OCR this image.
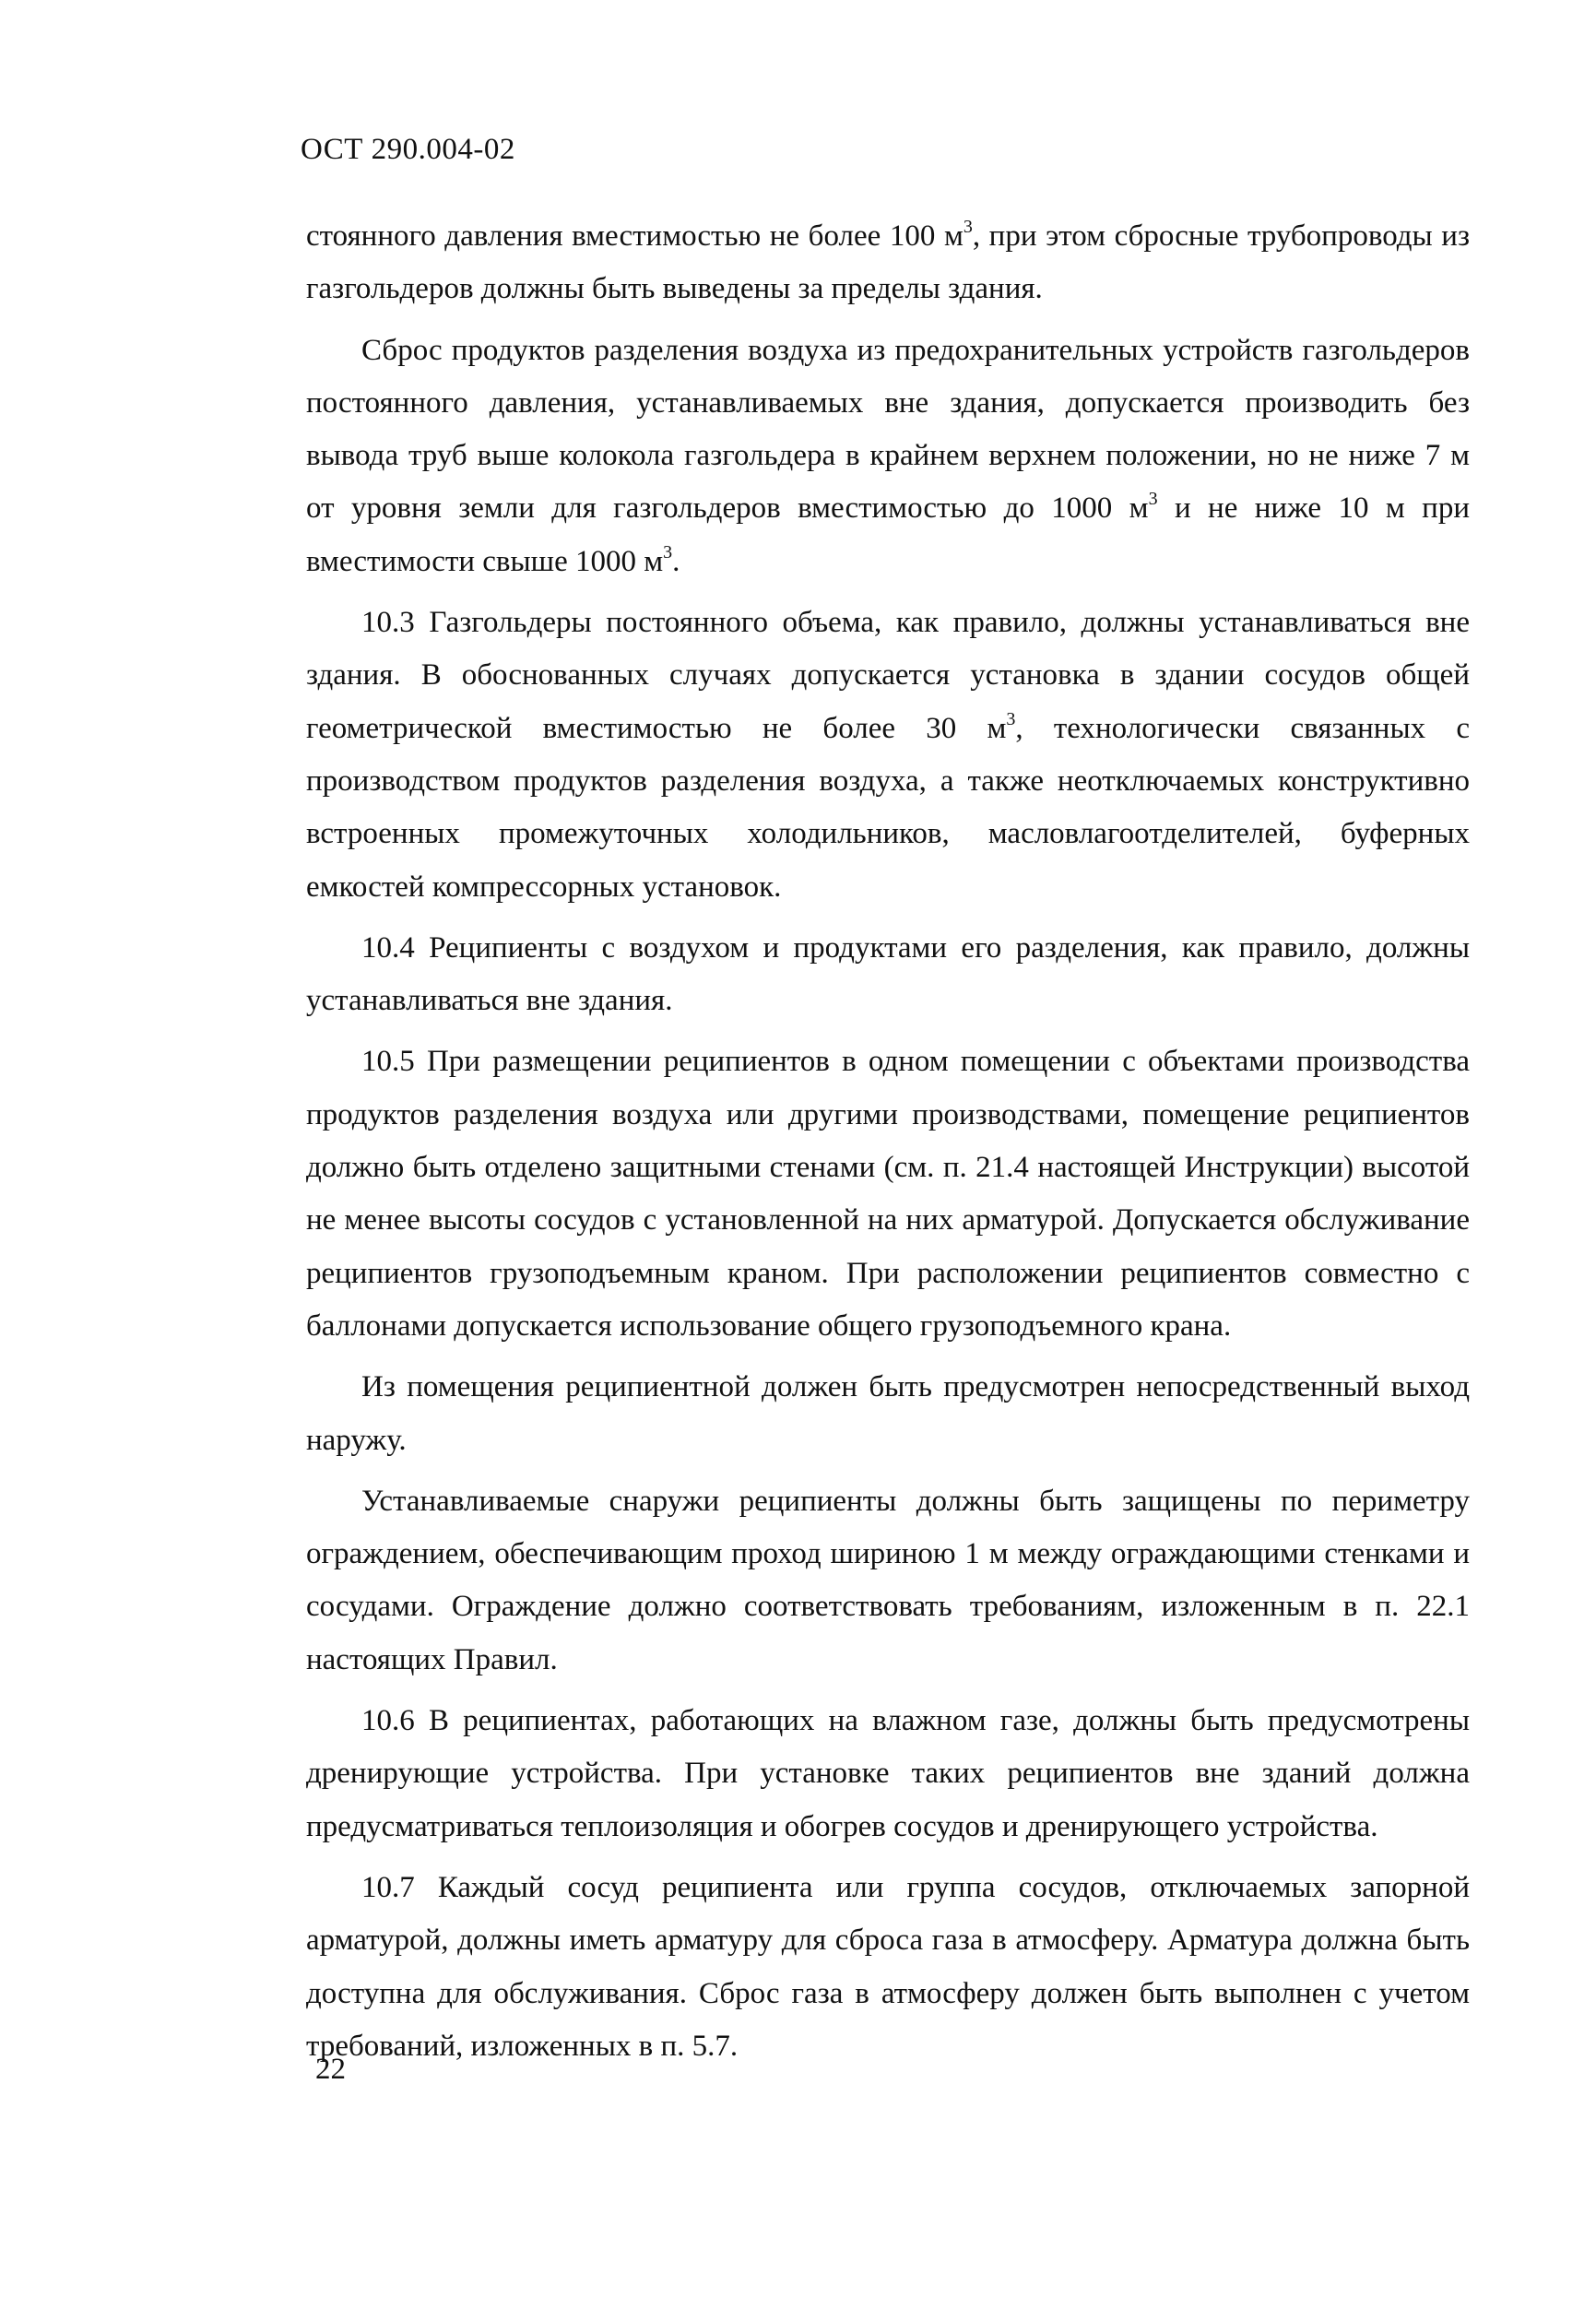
ОСТ 290.004-02

стоянного давления вместимостью не более 100 $м^3$, при этом сбросные трубопроводы из газгольдеров должны быть выведены за пределы здания.

Сброс продуктов разделения воздуха из предохранительных устройств газгольдеров постоянного давления, устанавливаемых вне здания, допускается производить без вывода труб выше колокола газгольдера в крайнем верхнем положении, но не ниже 7 м от уровня земли для газгольдеров вместимостью до 1000 $м^3$ и не ниже 10 м при вместимости свыше 1000 $м^3$.

10.3 Газгольдеры постоянного объема, как правило, должны устанавливаться вне здания. В обоснованных случаях допускается установка в здании сосудов общей геометрической вместимостью не более 30 $м^3$, технологически связанных с производством продуктов разделения воздуха, а также неотключаемых конструктивно встроенных промежуточных холодильников, масловлагоотделителей, буферных емкостей компрессорных установок.

10.4 Реципиенты с воздухом и продуктами его разделения, как правило, должны устанавливаться вне здания.

10.5 При размещении реципиентов в одном помещении с объектами производства продуктов разделения воздуха или другими производствами, помещение реципиентов должно быть отделено защитными стенами (см. п. 21.4 настоящей Инструкции) высотой не менее высоты сосудов с установленной на них арматурой. Допускается обслуживание реципиентов грузоподъемным краном. При расположении реципиентов совместно с баллонами допускается использование общего грузоподъемного крана.

Из помещения реципиентной должен быть предусмотрен непосредственный выход наружу.

Устанавливаемые снаружи реципиенты должны быть защищены по периметру ограждением, обеспечивающим проход шириною 1 м между ограждающими стенками и сосудами. Ограждение должно соответствовать требованиям, изложенным в п. 22.1 настоящих Правил.

10.6 В реципиентах, работающих на влажном газе, должны быть предусмотрены дренирующие устройства. При установке таких реципиентов вне зданий должна предусматриваться теплоизоляция и обогрев сосудов и дренирующего устройства.

10.7 Каждый сосуд реципиента или группа сосудов, отключаемых запорной арматурой, должны иметь арматуру для сброса газа в атмосферу. Арматура должна быть доступна для обслуживания. Сброс газа в атмосферу должен быть выполнен с учетом требований, изложенных в п. 5.7.

22
